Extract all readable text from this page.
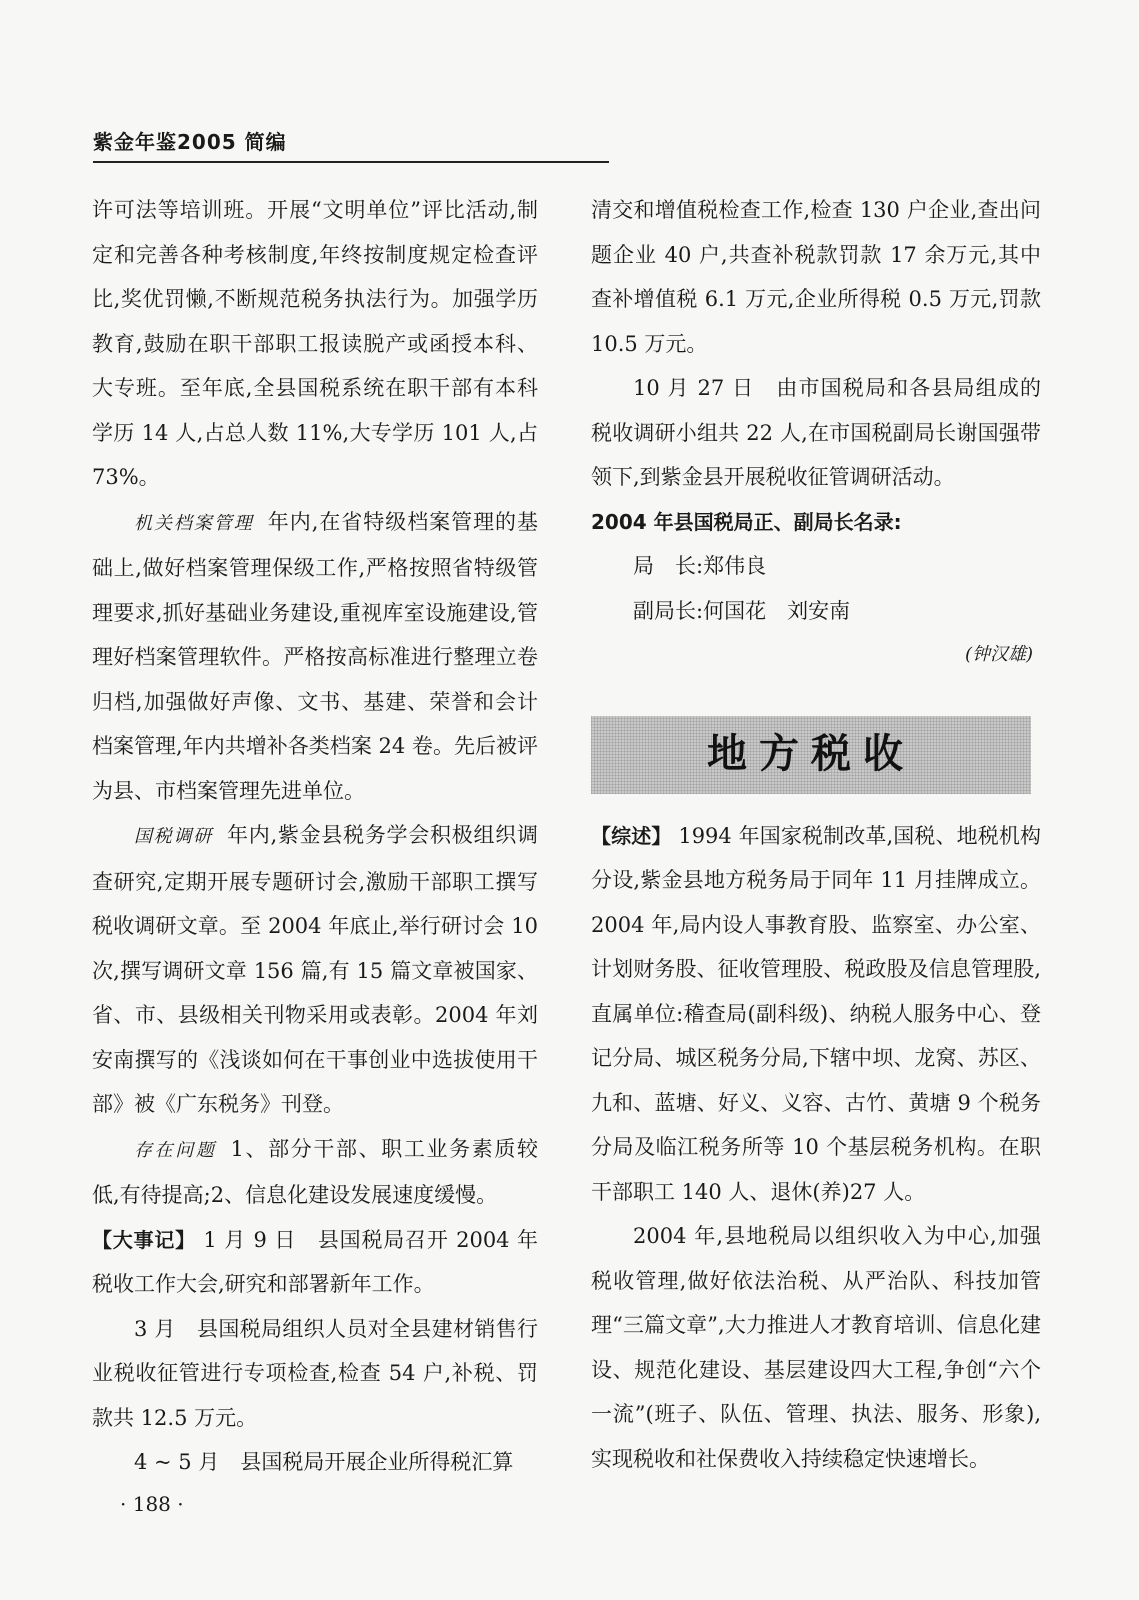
紫金年鉴2005 简编

许可法等培训班。开展“文明单位”评比活动,制定和完善各种考核制度,年终按制度规定检查评比,奖优罚懒,不断规范税务执法行为。加强学历教育,鼓励在职干部职工报读脱产或函授本科、大专班。至年底,全县国税系统在职干部有本科学历 14 人,占总人数 11%,大专学历 101 人,占 73%。

机关档案管理 年内,在省特级档案管理的基础上,做好档案管理保级工作,严格按照省特级管理要求,抓好基础业务建设,重视库室设施建设,管理好档案管理软件。严格按高标准进行整理立卷归档,加强做好声像、文书、基建、荣誉和会计档案管理,年内共增补各类档案 24 卷。先后被评为县、市档案管理先进单位。

国税调研 年内,紫金县税务学会积极组织调查研究,定期开展专题研讨会,激励干部职工撰写税收调研文章。至 2004 年底止,举行研讨会 10 次,撰写调研文章 156 篇,有 15 篇文章被国家、省、市、县级相关刊物采用或表彰。2004 年刘安南撰写的《浅谈如何在干事创业中选拔使用干部》被《广东税务》刊登。

存在问题 1、部分干部、职工业务素质较低,有待提高;2、信息化建设发展速度缓慢。

【大事记】 1 月 9 日　县国税局召开 2004 年税收工作大会,研究和部署新年工作。

3 月　县国税局组织人员对全县建材销售行业税收征管进行专项检查,检查 54 户,补税、罚款共 12.5 万元。

4 ~ 5 月　县国税局开展企业所得税汇算

清交和增值税检查工作,检查 130 户企业,查出问题企业 40 户,共查补税款罚款 17 余万元,其中查补增值税 6.1 万元,企业所得税 0.5 万元,罚款 10.5 万元。

10 月 27 日　由市国税局和各县局组成的税收调研小组共 22 人,在市国税副局长谢国强带领下,到紫金县开展税收征管调研活动。

2004 年县国税局正、副局长名录:

局　长:郑伟良

副局长:何国花　刘安南

(钟汉雄)

地方税收

【综述】 1994 年国家税制改革,国税、地税机构分设,紫金县地方税务局于同年 11 月挂牌成立。2004 年,局内设人事教育股、监察室、办公室、计划财务股、征收管理股、税政股及信息管理股,直属单位:稽查局(副科级)、纳税人服务中心、登记分局、城区税务分局,下辖中坝、龙窝、苏区、九和、蓝塘、好义、义容、古竹、黄塘 9 个税务分局及临江税务所等 10 个基层税务机构。在职干部职工 140 人、退休(养)27 人。

2004 年,县地税局以组织收入为中心,加强税收管理,做好依法治税、从严治队、科技加管理“三篇文章”,大力推进人才教育培训、信息化建设、规范化建设、基层建设四大工程,争创“六个一流”(班子、队伍、管理、执法、服务、形象),实现税收和社保费收入持续稳定快速增长。

· 188 ·
